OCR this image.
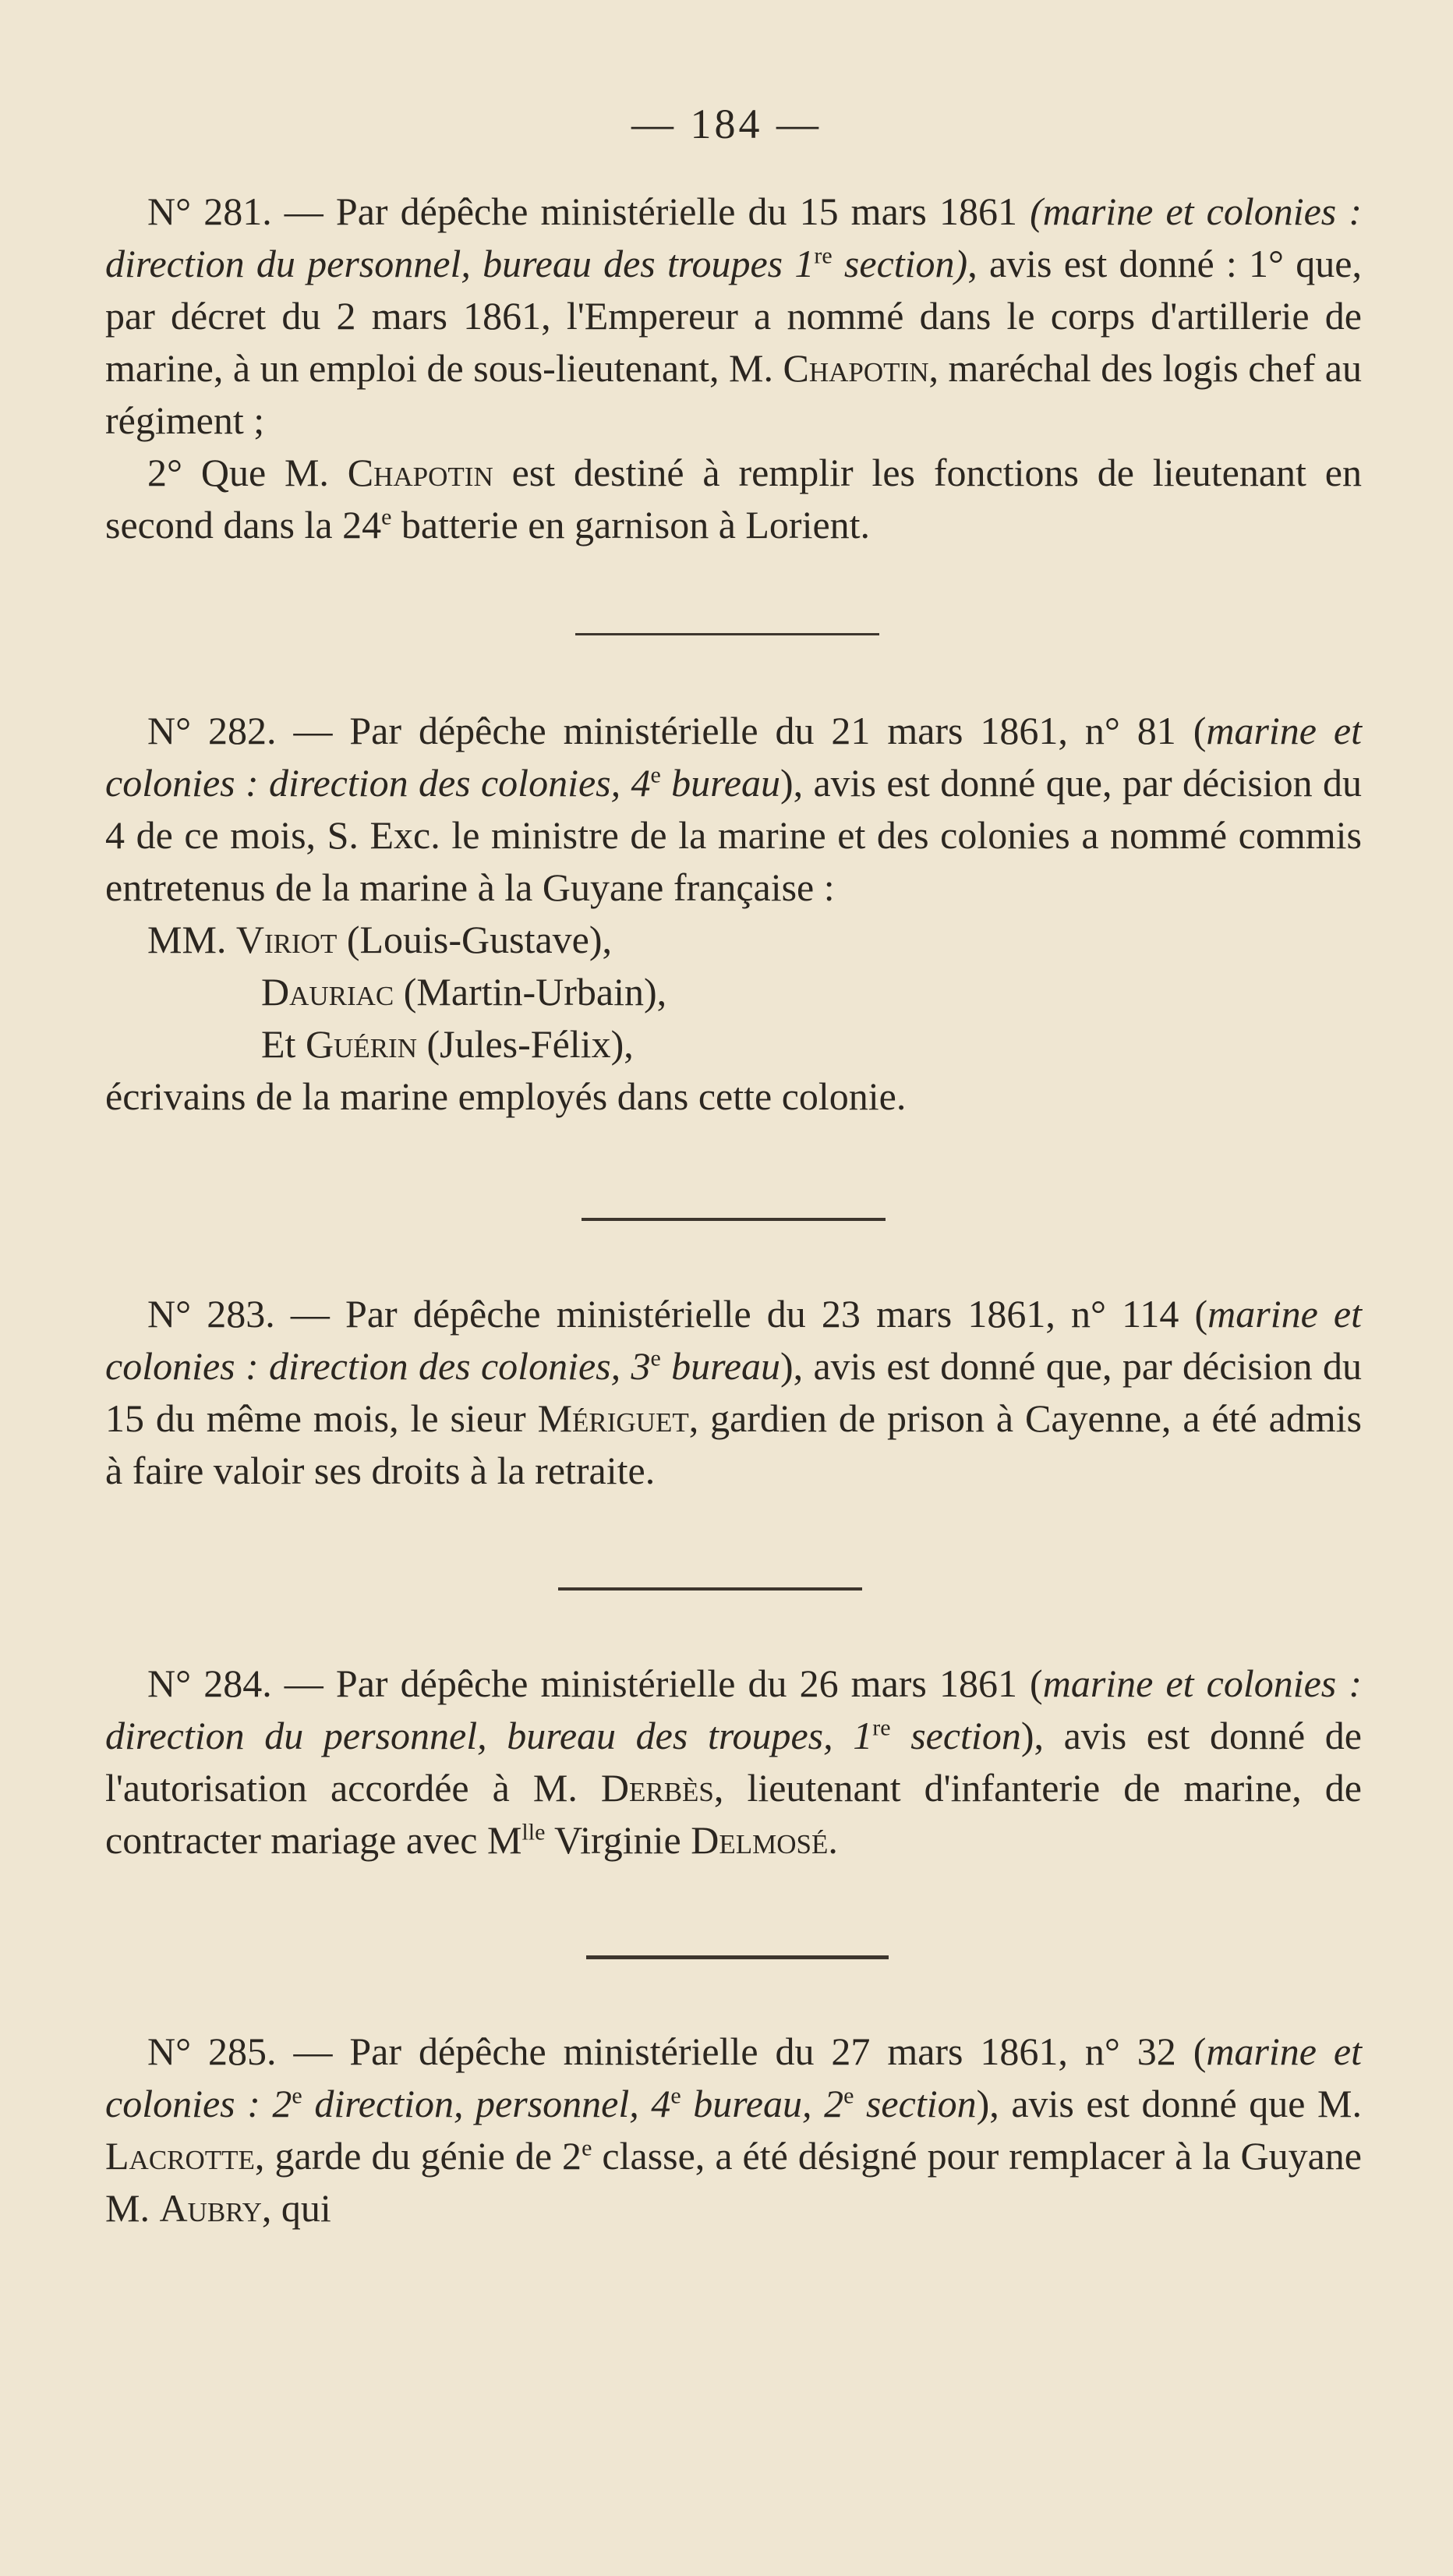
— 184 —

N° 281. — Par dépêche ministérielle du 15 mars 1861 (marine et colonies : direction du personnel, bureau des troupes 1re section), avis est donné : 1° que, par décret du 2 mars 1861, l'Empereur a nommé dans le corps d'artillerie de marine, à un emploi de sous-lieutenant, M. Chapotin, maréchal des logis chef au régiment ;

2° Que M. Chapotin est destiné à remplir les fonctions de lieutenant en second dans la 24e batterie en garnison à Lorient.

N° 282. — Par dépêche ministérielle du 21 mars 1861, n° 81 (marine et colonies : direction des colonies, 4e bureau), avis est donné que, par décision du 4 de ce mois, S. Exc. le ministre de la marine et des colonies a nommé commis entretenus de la marine à la Guyane française :

MM. Viriot (Louis-Gustave),

Dauriac (Martin-Urbain),

Et Guérin (Jules-Félix),

écrivains de la marine employés dans cette colonie.

N° 283. — Par dépêche ministérielle du 23 mars 1861, n° 114 (marine et colonies : direction des colonies, 3e bureau), avis est donné que, par décision du 15 du même mois, le sieur Mériguet, gardien de prison à Cayenne, a été admis à faire valoir ses droits à la retraite.

N° 284. — Par dépêche ministérielle du 26 mars 1861 (marine et colonies : direction du personnel, bureau des troupes, 1re section), avis est donné de l'autorisation accordée à M. Derbès, lieutenant d'infanterie de marine, de contracter mariage avec $M^{lle}$ Virginie Delmosé.

N° 285. — Par dépêche ministérielle du 27 mars 1861, n° 32 (marine et colonies : 2e direction, personnel, 4e bureau, 2e section), avis est donné que M. Lacrotte, garde du génie de 2e classe, a été désigné pour remplacer à la Guyane M. Aubry, qui
